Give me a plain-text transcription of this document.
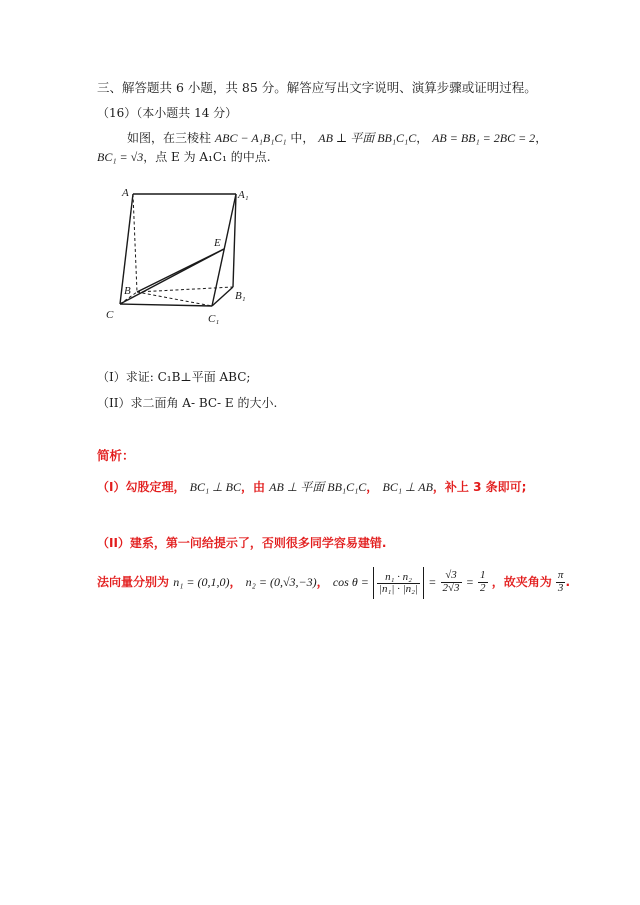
三、解答题共 6 小题，共 85 分。解答应写出文字说明、演算步骤或证明过程。
（16）（本小题共 14 分）
如图，在三棱柱 ABC − A₁B₁C₁ 中， AB ⊥ 平面 BB₁C₁C， AB = BB₁ = 2BC = 2，
BC₁ = √3，点 E 为 A₁C₁ 的中点.
A	A₁
B	B₁
C	C₁
E
（I）求证: C₁B⊥平面 ABC;
（II）求二面角 A- BC- E 的大小.
简析：
（I）勾股定理， BC₁ ⊥ BC，由 AB ⊥ 平面 BB₁C₁C， BC₁ ⊥ AB，补上 3 条即可;
（II）建系，第一问给提示了，否则很多同学容易建错.
法向量分别为 n₁ = (0,1,0)， n₂ = (0,√3,−3)， $\cos \theta = \frac{\text{n₁ · n₂}}{\text{|n₁| · |n₂|}} = \frac{√3}{2√3} = \frac{1}{2}$ ，故夹角为 $\frac{\pi}{3}$ .
